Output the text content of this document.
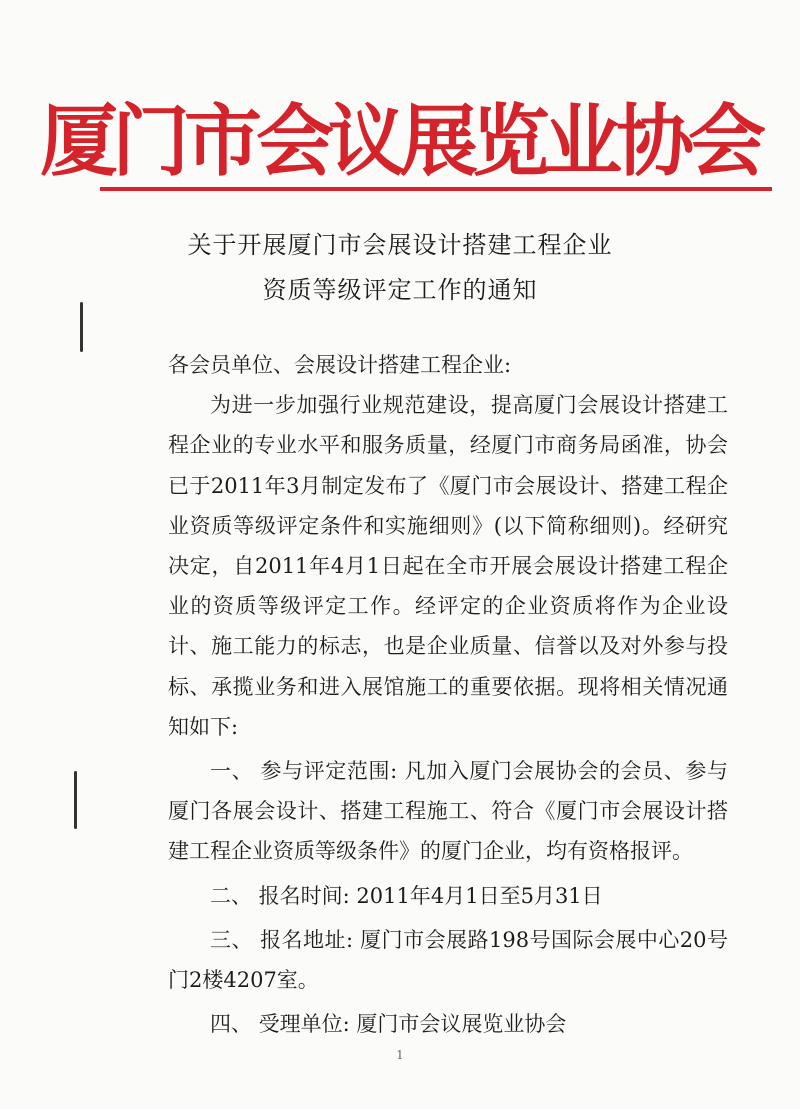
厦门市会议展览业协会
关于开展厦门市会展设计搭建工程企业
资质等级评定工作的通知

各会员单位、会展设计搭建工程企业:

为进一步加强行业规范建设，提高厦门会展设计搭建工程企业的专业水平和服务质量，经厦门市商务局函准，协会已于2011年3月制定发布了《厦门市会展设计、搭建工程企业资质等级评定条件和实施细则》(以下简称细则)。经研究决定，自2011年4月1日起在全市开展会展设计搭建工程企业的资质等级评定工作。经评定的企业资质将作为企业设计、施工能力的标志，也是企业质量、信誉以及对外参与投标、承揽业务和进入展馆施工的重要依据。现将相关情况通知如下:

一、 参与评定范围: 凡加入厦门会展协会的会员、参与厦门各展会设计、搭建工程施工、符合《厦门市会展设计搭建工程企业资质等级条件》的厦门企业，均有资格报评。

二、 报名时间: 2011年4月1日至5月31日

三、 报名地址: 厦门市会展路198号国际会展中心20号门2楼4207室。

四、 受理单位: 厦门市会议展览业协会

1
